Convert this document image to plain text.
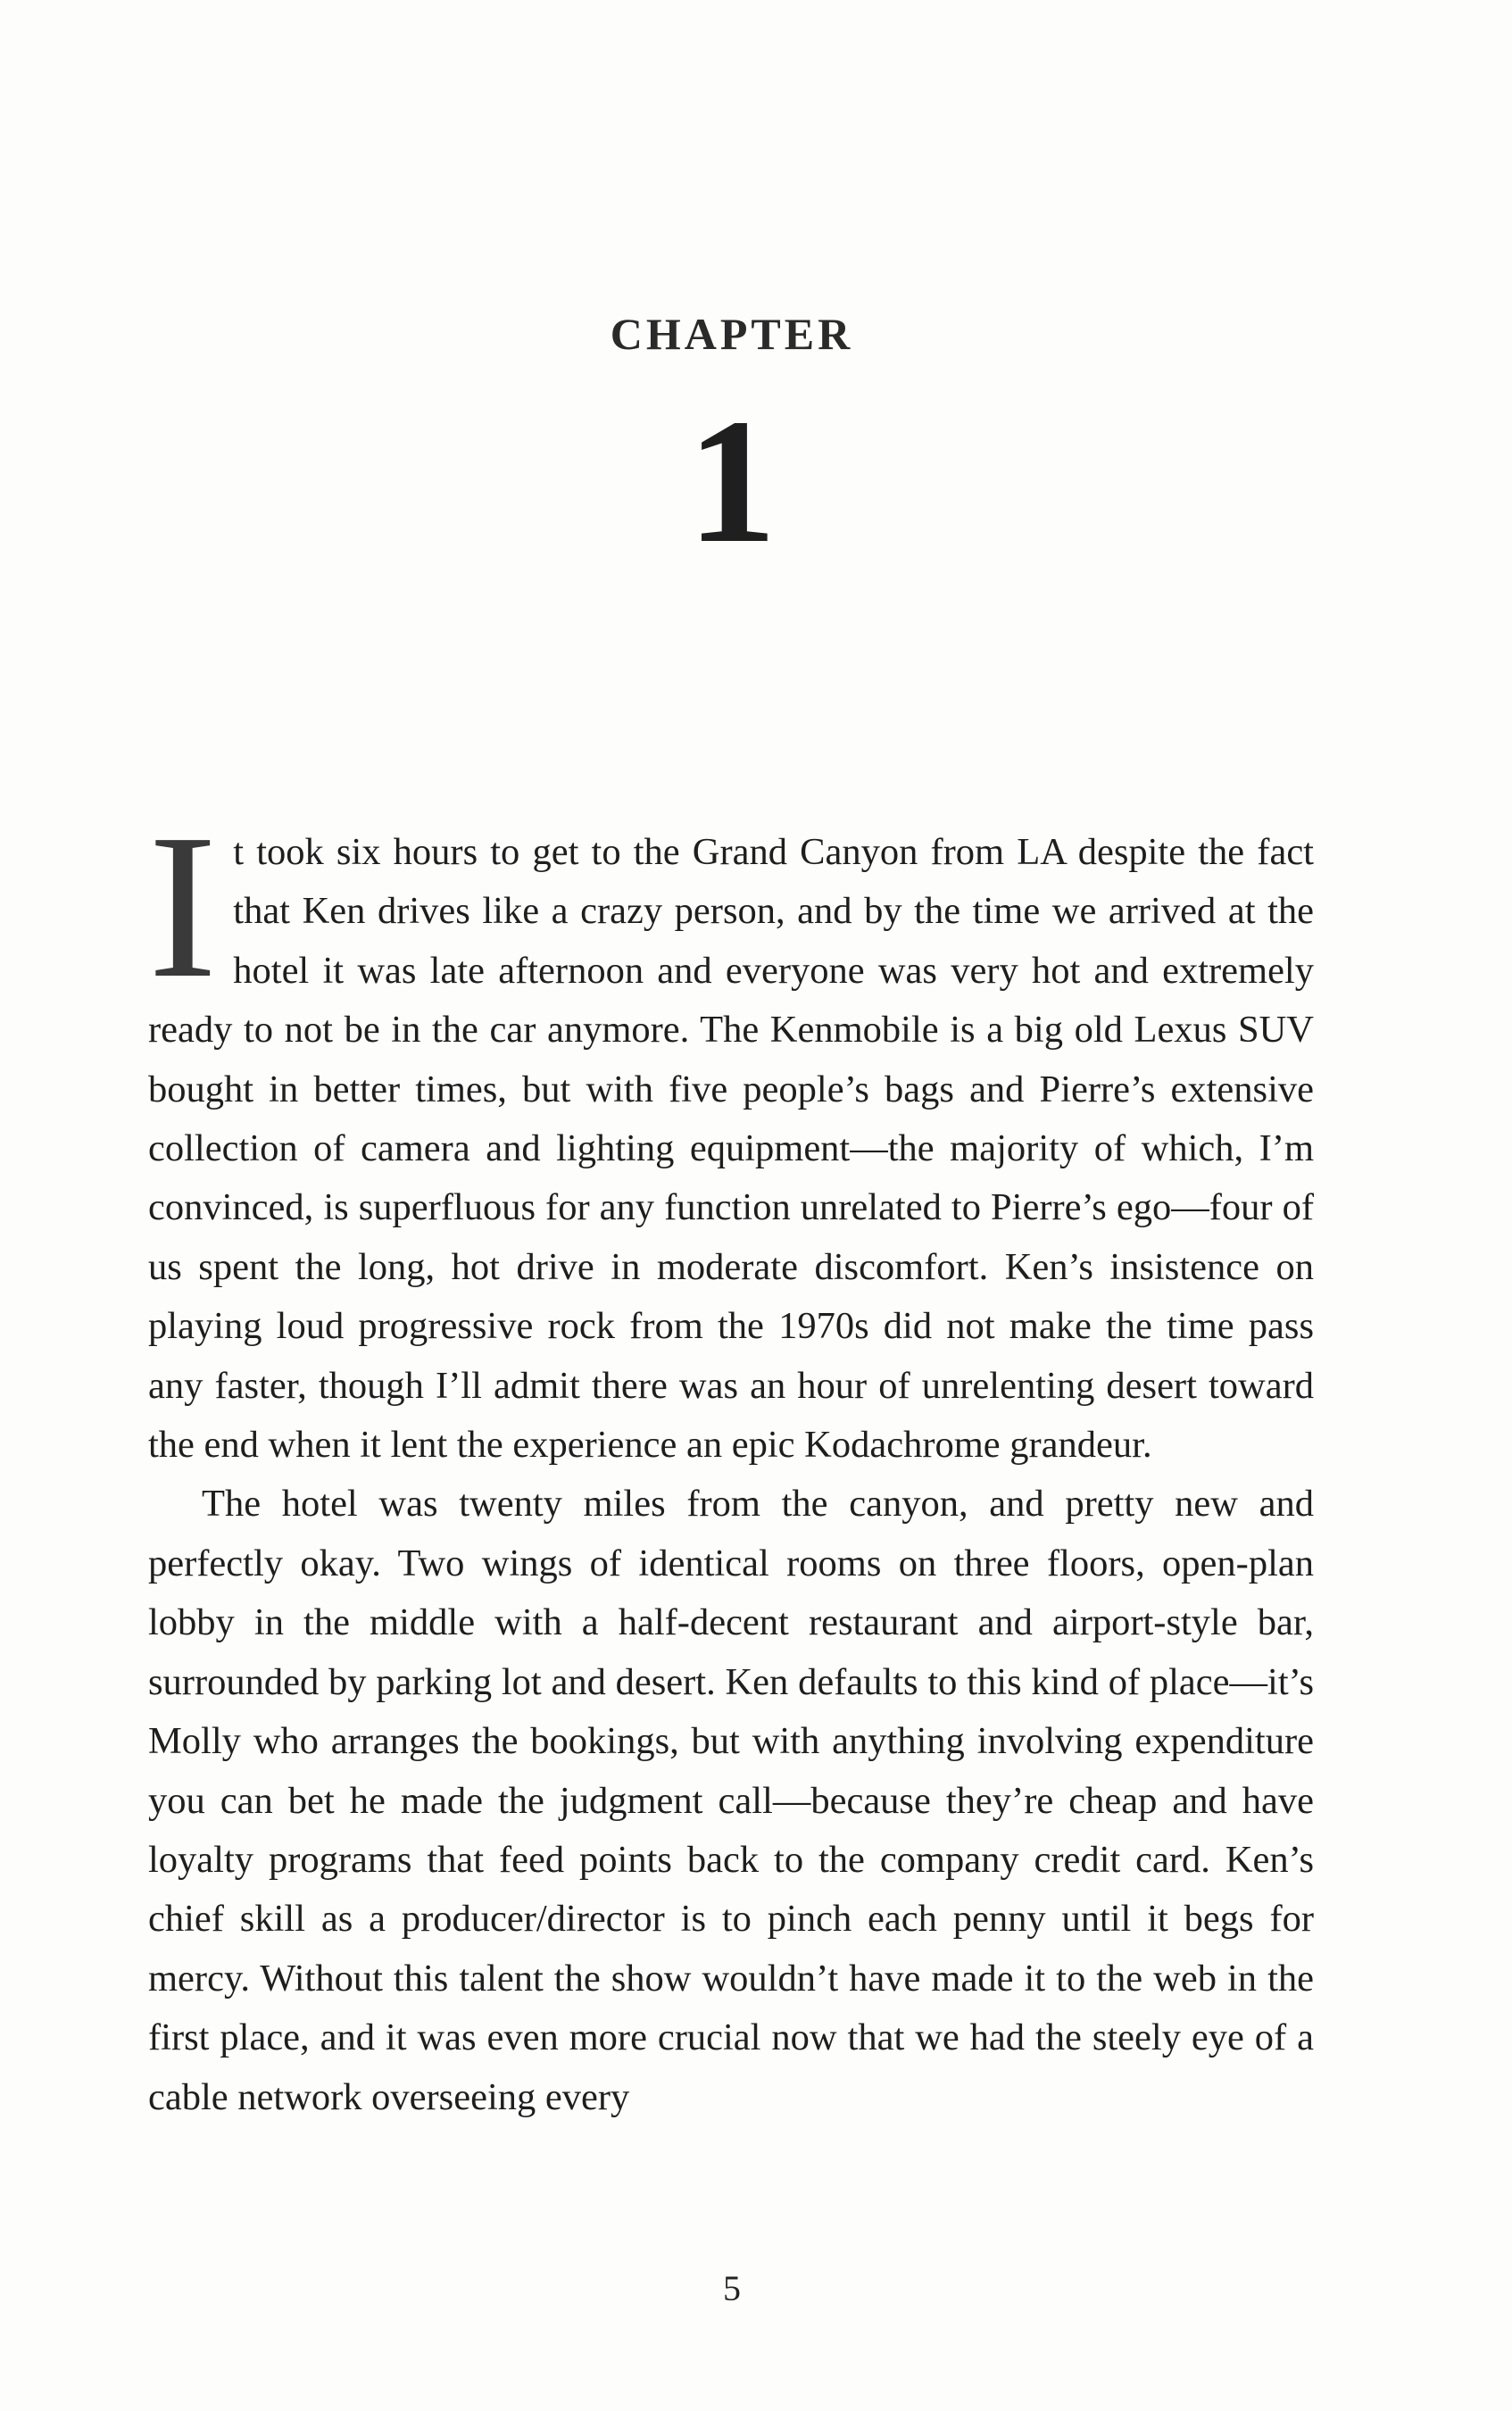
CHAPTER
1

It took six hours to get to the Grand Canyon from LA despite the fact that Ken drives like a crazy person, and by the time we arrived at the hotel it was late afternoon and everyone was very hot and extremely ready to not be in the car anymore. The Kenmobile is a big old Lexus SUV bought in better times, but with five people’s bags and Pierre’s extensive collection of camera and lighting equipment—the majority of which, I’m convinced, is superfluous for any function unrelated to Pierre’s ego—four of us spent the long, hot drive in moderate discomfort. Ken’s insistence on playing loud progressive rock from the 1970s did not make the time pass any faster, though I’ll admit there was an hour of unrelenting desert toward the end when it lent the experience an epic Kodachrome grandeur.

The hotel was twenty miles from the canyon, and pretty new and perfectly okay. Two wings of identical rooms on three floors, open-plan lobby in the middle with a half-decent restaurant and airport-style bar, surrounded by parking lot and desert. Ken defaults to this kind of place—it’s Molly who arranges the bookings, but with anything involving expenditure you can bet he made the judgment call—because they’re cheap and have loyalty programs that feed points back to the company credit card. Ken’s chief skill as a producer/director is to pinch each penny until it begs for mercy. Without this talent the show wouldn’t have made it to the web in the first place, and it was even more crucial now that we had the steely eye of a cable network overseeing every

5
